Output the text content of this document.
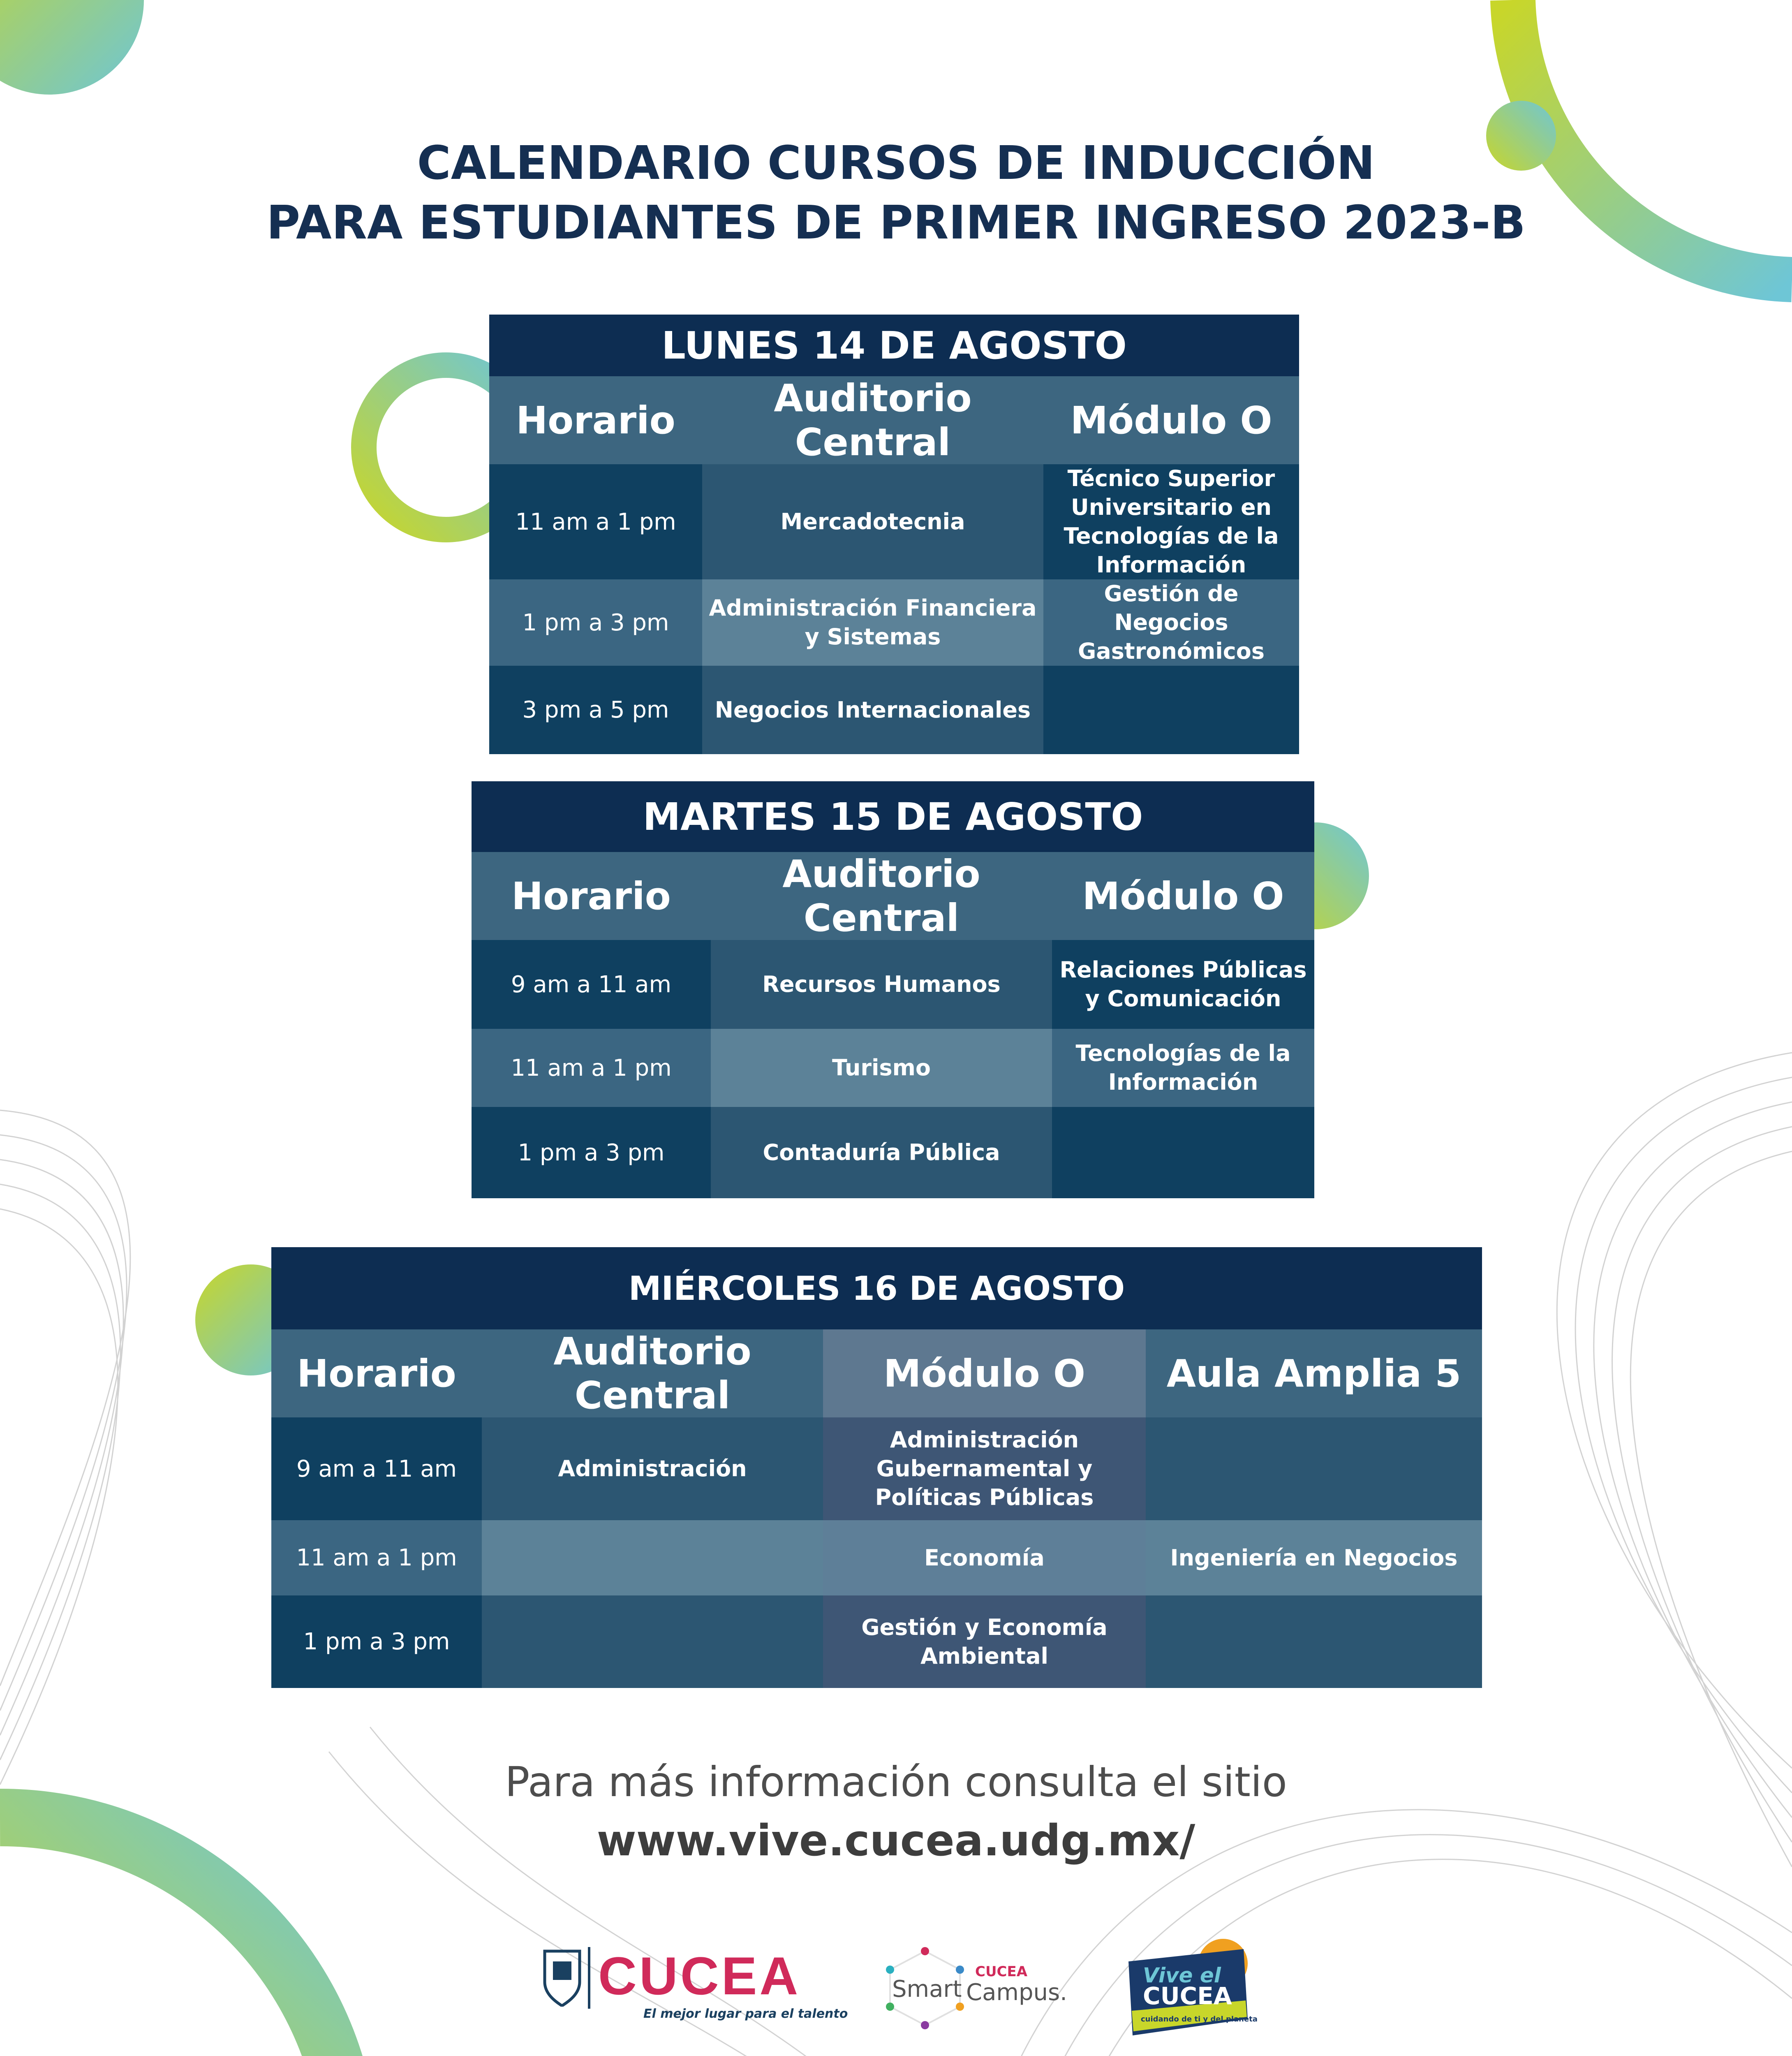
CALENDARIO CURSOS DE INDUCCIÓN
PARA ESTUDIANTES DE PRIMER INGRESO 2023-B
LUNES 14 DE AGOSTO		
Horario	Auditorio Central	Módulo O
11 am a 1 pm	Mercadotecnia	Técnico Superior Universitario en Tecnologías de la Información
1 pm a 3 pm	Administración Financiera y Sistemas	Gestión de Negocios Gastronómicos
3 pm a 5 pm	Negocios Internacionales	
MARTES 15 DE AGOSTO		
Horario	Auditorio Central	Módulo O
9 am a 11 am	Recursos Humanos	Relaciones Públicas y Comunicación
11 am a 1 pm	Turismo	Tecnologías de la Información
1 pm a 3 pm	Contaduría Pública	
MIÉRCOLES 16 DE AGOSTO			
Horario	Auditorio Central	Módulo O	Aula Amplia 5
9 am a 11 am	Administración	Administración Gubernamental y Políticas Públicas	
11 am a 1 pm		Economía	Ingeniería en Negocios
1 pm a 3 pm		Gestión y Economía Ambiental	
Para más información consulta el sitio
www.vive.cucea.udg.mx/
CUCEA
El mejor lugar para el talento
Smart
CUCEA
Campus.
Vive el
CUCEA
cuidando de ti y del planeta
